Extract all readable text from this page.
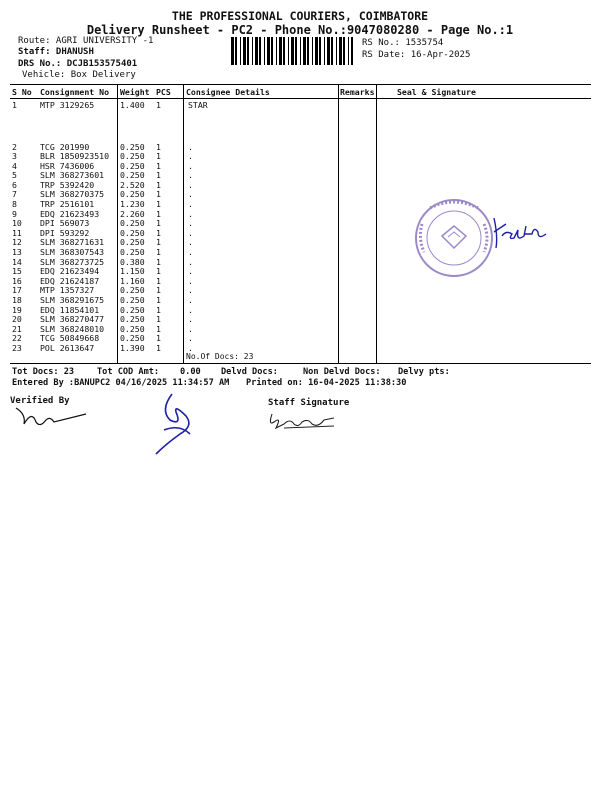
THE PROFESSIONAL COURIERS, COIMBATORE
Delivery Runsheet - PC2 - Phone No.:9047080280 - Page No.:1
Route: AGRI UNIVERSITY -1
Staff: DHANUSH
DRS No.: DCJB153575401
Vehicle: Box Delivery
RS No.: 1535754
RS Date: 16-Apr-2025
S No	Consignment No	Weight	PCS	Consignee Details	Remarks	Seal & Signature
1	MTP 3129265	1.400	1	STAR		
2	TCG 201990	0.250	1	.		
3	BLR 1850923510	0.250	1	.		
4	HSR 7436006	0.250	1	.		
5	SLM 368273601	0.250	1	.		
6	TRP 5392420	2.520	1	.		
7	SLM 368270375	0.250	1	.		
8	TRP 2516101	1.230	1	.		
9	EDQ 21623493	2.260	1	.		
10	DPI 569073	0.250	1	.		
11	DPI 593292	0.250	1	.		
12	SLM 368271631	0.250	1	.		
13	SLM 368307543	0.250	1	.		
14	SLM 368273725	0.380	1	.		
15	EDQ 21623494	1.150	1	.		
16	EDQ 21624187	1.160	1	.		
17	MTP 1357327	0.250	1	.		
18	SLM 368291675	0.250	1	.		
19	EDQ 11854101	0.250	1	.		
20	SLM 368270477	0.250	1	.		
21	SLM 368248010	0.250	1	.		
22	TCG 50849668	0.250	1	.		
23	POL 2613647	1.390	1	.		
No.Of Docs: 23
Tot Docs: 23	Tot COD Amt: 0.00 Delvd Docs:	Non Delvd Docs: Delvy pts:
Entered By :BANUPC2 04/16/2025 11:34:57 AM Printed on: 16-04-2025 11:38:30
Verified By	Staff Signature
